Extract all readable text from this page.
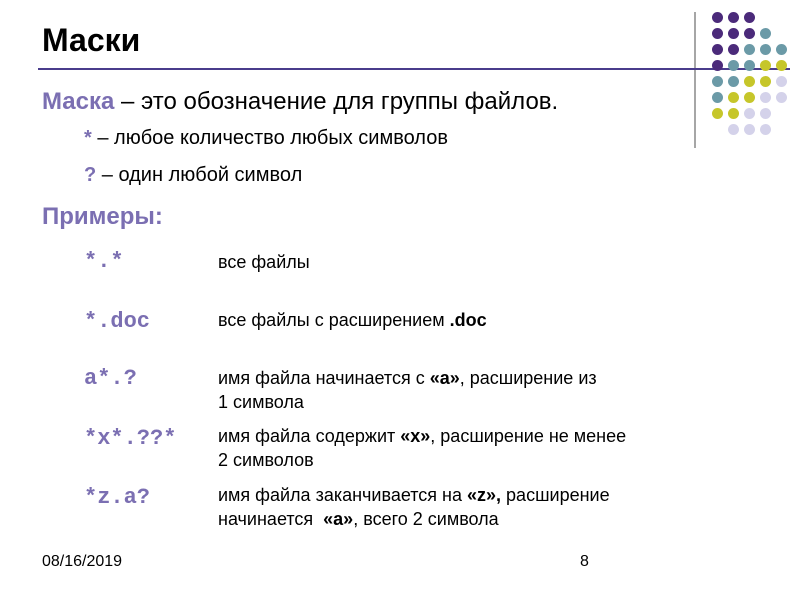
Маски
Маска – это обозначение для группы файлов.
* – любое количество любых символов
? – один любой символ
Примеры:
*.*	все файлы
*.doc	все файлы с расширением .doc
a*.?	имя файла начинается с «a», расширение из
1 символа
*x*.??* имя файла содержит «x», расширение не менее
2 символов
*z.a?	имя файла заканчивается на «z», расширение
начинается  «a», всего 2 символа
08/16/2019	8
